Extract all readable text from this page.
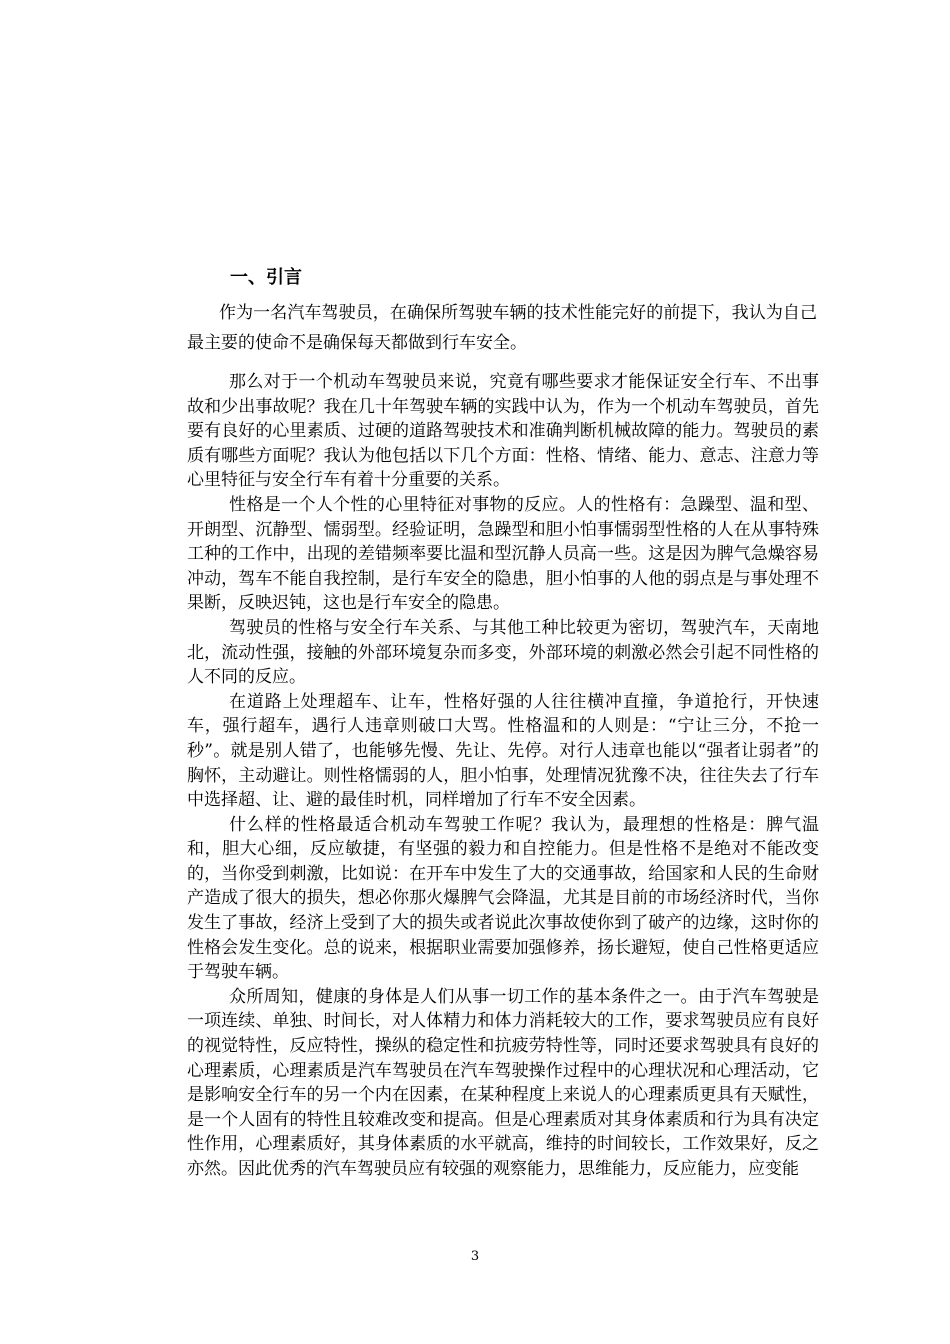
一、引言

作为一名汽车驾驶员，在确保所驾驶车辆的技术性能完好的前提下，我认为自己最主要的使命不是确保每天都做到行车安全。

那么对于一个机动车驾驶员来说，究竟有哪些要求才能保证安全行车、不出事故和少出事故呢？我在几十年驾驶车辆的实践中认为，作为一个机动车驾驶员，首先要有良好的心里素质、过硬的道路驾驶技术和准确判断机械故障的能力。驾驶员的素质有哪些方面呢？我认为他包括以下几个方面：性格、情绪、能力、意志、注意力等心里特征与安全行车有着十分重要的关系。

性格是一个人个性的心里特征对事物的反应。人的性格有：急躁型、温和型、开朗型、沉静型、懦弱型。经验证明，急躁型和胆小怕事懦弱型性格的人在从事特殊工种的工作中，出现的差错频率要比温和型沉静人员高一些。这是因为脾气急燥容易冲动，驾车不能自我控制，是行车安全的隐患，胆小怕事的人他的弱点是与事处理不果断，反映迟钝，这也是行车安全的隐患。

驾驶员的性格与安全行车关系、与其他工种比较更为密切，驾驶汽车，天南地北，流动性强，接触的外部环境复杂而多变，外部环境的刺激必然会引起不同性格的人不同的反应。

在道路上处理超车、让车，性格好强的人往往横冲直撞，争道抢行，开快速车，强行超车，遇行人违章则破口大骂。性格温和的人则是：“宁让三分，不抢一秒”。就是别人错了，也能够先慢、先让、先停。对行人违章也能以“强者让弱者”的胸怀，主动避让。则性格懦弱的人，胆小怕事，处理情况犹豫不决，往往失去了行车中选择超、让、避的最佳时机，同样增加了行车不安全因素。

什么样的性格最适合机动车驾驶工作呢？我认为，最理想的性格是：脾气温和，胆大心细，反应敏捷，有坚强的毅力和自控能力。但是性格不是绝对不能改变的，当你受到刺激，比如说：在开车中发生了大的交通事故，给国家和人民的生命财产造成了很大的损失，想必你那火爆脾气会降温，尤其是目前的市场经济时代，当你发生了事故，经济上受到了大的损失或者说此次事故使你到了破产的边缘，这时你的性格会发生变化。总的说来，根据职业需要加强修养，扬长避短，使自己性格更适应于驾驶车辆。

众所周知，健康的身体是人们从事一切工作的基本条件之一。由于汽车驾驶是一项连续、单独、时间长，对人体精力和体力消耗较大的工作，要求驾驶员应有良好的视觉特性，反应特性，操纵的稳定性和抗疲劳特性等，同时还要求驾驶具有良好的心理素质，心理素质是汽车驾驶员在汽车驾驶操作过程中的心理状况和心理活动，它是影响安全行车的另一个内在因素，在某种程度上来说人的心理素质更具有天赋性，是一个人固有的特性且较难改变和提高。但是心理素质对其身体素质和行为具有决定性作用，心理素质好，其身体素质的水平就高，维持的时间较长，工作效果好，反之亦然。因此优秀的汽车驾驶员应有较强的观察能力，思维能力，反应能力，应变能

3
